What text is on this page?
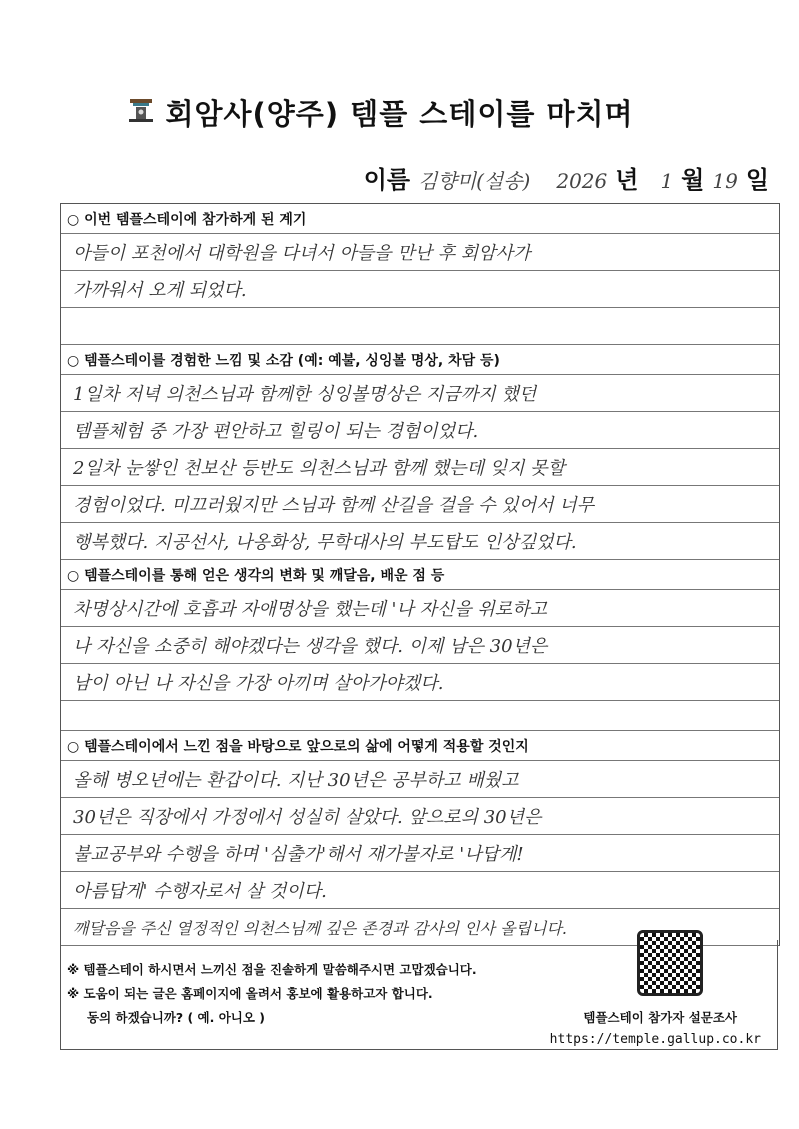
회암사(양주) 템플 스테이를 마치며
이름 김향미(설송) 2026 년 1 월 19 일
○ 이번 템플스테이에 참가하게 된 계기
아들이 포천에서 대학원을 다녀서 아들을 만난 후 회암사가
가까워서 오게 되었다.
○ 템플스테이를 경험한 느낌 및 소감 (예: 예불, 싱잉볼 명상, 차담 등)
1일차 저녁 의천스님과 함께한 싱잉볼명상은 지금까지 했던
템플체험 중 가장 편안하고 힐링이 되는 경험이었다.
2일차 눈쌓인 천보산 등반도 의천스님과 함께 했는데 잊지 못할
경험이었다. 미끄러웠지만 스님과 함께 산길을 걸을 수 있어서 너무
행복했다. 지공선사, 나옹화상, 무학대사의 부도탑도 인상깊었다.
○ 템플스테이를 통해 얻은 생각의 변화 및 깨달음, 배운 점 등
차명상시간에 호흡과 자애명상을 했는데 '나 자신을 위로하고
나 자신을 소중히 해야겠다는 생각을 했다. 이제 남은 30년은
남이 아닌 나 자신을 가장 아끼며 살아가야겠다.
○ 템플스테이에서 느낀 점을 바탕으로 앞으로의 삶에 어떻게 적용할 것인지
올해 병오년에는 환갑이다. 지난 30년은 공부하고 배웠고
30년은 직장에서 가정에서 성실히 살았다. 앞으로의 30년은
불교공부와 수행을 하며 '심출가'해서 재가불자로 '나답게!
아름답게' 수행자로서 살 것이다.
깨달음을 주신 열정적인 의천스님께 깊은 존경과 감사의 인사 올립니다.
※ 템플스테이 하시면서 느끼신 점을 진솔하게 말씀해주시면 고맙겠습니다.
※ 도움이 되는 글은 홈페이지에 올려서 홍보에 활용하고자 합니다.
동의 하겠습니까? ( 예. 아니오 )	템플스테이 참가자 설문조사
https://temple.gallup.co.kr
